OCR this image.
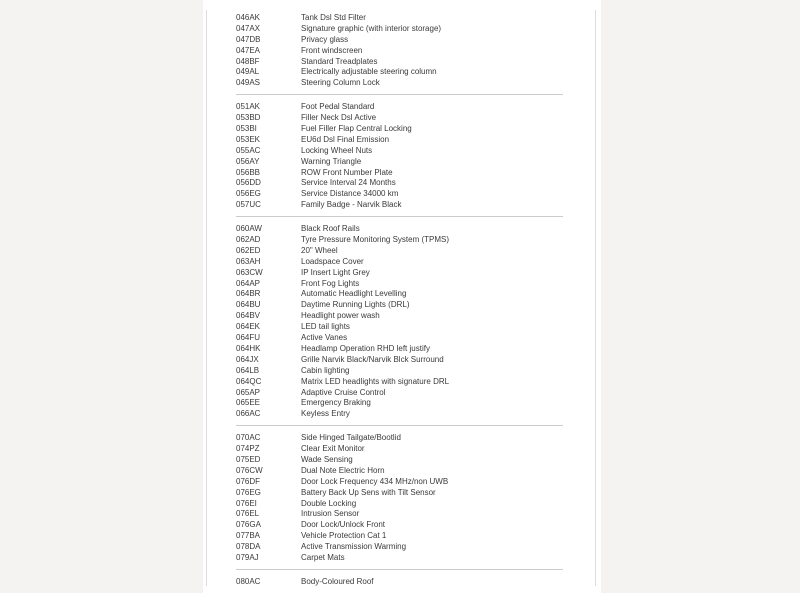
046AK	Tank Dsl Std Filter
047AX	Signature graphic (with interior storage)
047DB	Privacy glass
047EA	Front windscreen
048BF	Standard Treadplates
049AL	Electrically adjustable steering column
049AS	Steering Column Lock
051AK	Foot Pedal Standard
053BD	Filler Neck Dsl Active
053BI	Fuel Filler Flap Central Locking
053EK	EU6d Dsl Final Emission
055AC	Locking Wheel Nuts
056AY	Warning Triangle
056BB	ROW Front Number Plate
056DD	Service Interval 24 Months
056EG	Service Distance 34000 km
057UC	Family Badge - Narvik Black
060AW	Black Roof Rails
062AD	Tyre Pressure Monitoring System (TPMS)
062ED	20" Wheel
063AH	Loadspace Cover
063CW	IP Insert Light Grey
064AP	Front Fog Lights
064BR	Automatic Headlight Levelling
064BU	Daytime Running Lights (DRL)
064BV	Headlight power wash
064EK	LED tail lights
064FU	Active Vanes
064HK	Headlamp Operation RHD left justify
064JX	Grille Narvik Black/Narvik Blck Surround
064LB	Cabin lighting
064QC	Matrix LED headlights with signature DRL
065AP	Adaptive Cruise Control
065EE	Emergency Braking
066AC	Keyless Entry
070AC	Side Hinged Tailgate/Bootlid
074PZ	Clear Exit Monitor
075ED	Wade Sensing
076CW	Dual Note Electric Horn
076DF	Door Lock Frequency 434 MHz/non UWB
076EG	Battery Back Up Sens with Tilt Sensor
076EI	Double Locking
076EL	Intrusion Sensor
076GA	Door Lock/Unlock Front
077BA	Vehicle Protection Cat 1
078DA	Active Transmission Warming
079AJ	Carpet Mats
080AC	Body-Coloured Roof
